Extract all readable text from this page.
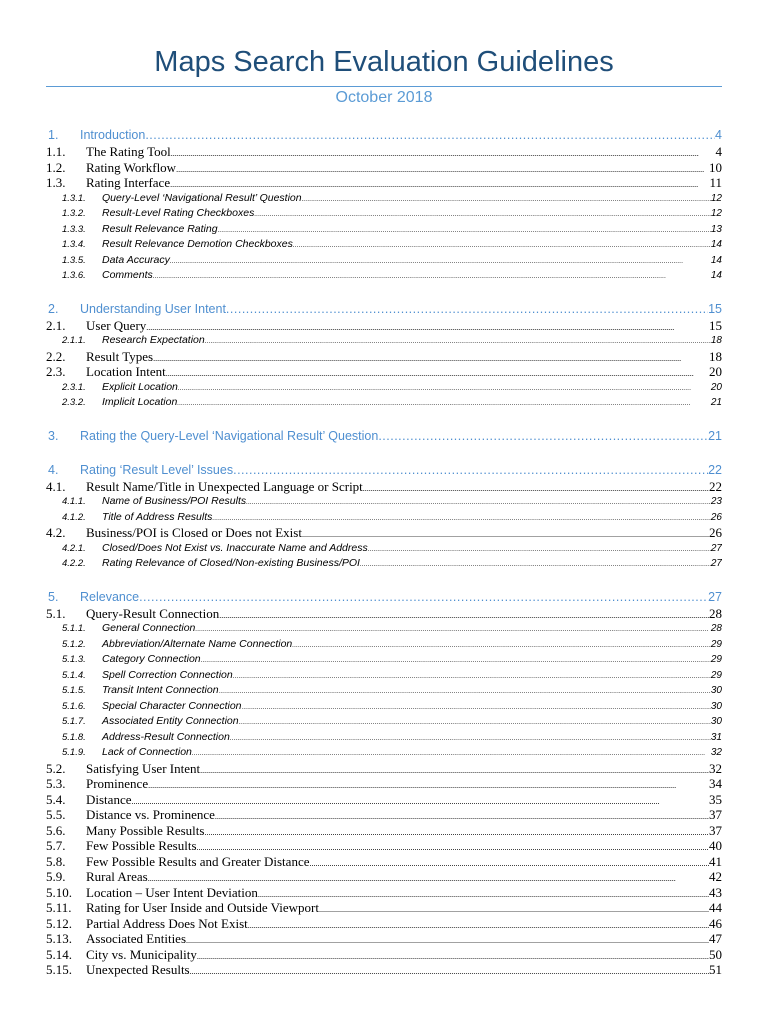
Maps Search Evaluation Guidelines
October 2018
1.	Introduction .....	4
1.1.	The Rating Tool .....	4
1.2.	Rating Workflow .....	10
1.3.	Rating Interface .....	11
1.3.1.	Query-Level ‘Navigational Result’ Question .....	12
1.3.2.	Result-Level Rating Checkboxes .....	12
1.3.3.	Result Relevance Rating .....	13
1.3.4.	Result Relevance Demotion Checkboxes .....	14
1.3.5.	Data Accuracy .....	14
1.3.6.	Comments .....	14
2.	Understanding User Intent .....	15
2.1.	User Query .....	15
2.1.1.	Research Expectation .....	18
2.2.	Result Types .....	18
2.3.	Location Intent .....	20
2.3.1.	Explicit Location .....	20
2.3.2.	Implicit Location .....	21
3.	Rating the Query-Level ‘Navigational Result’ Question .....	21
4.	Rating ‘Result Level’ Issues .....	22
4.1.	Result Name/Title in Unexpected Language or Script .....	22
4.1.1.	Name of Business/POI Results .....	23
4.1.2.	Title of Address Results .....	26
4.2.	Business/POI is Closed or Does not Exist .....	26
4.2.1.	Closed/Does Not Exist vs. Inaccurate Name and Address .....	27
4.2.2.	Rating Relevance of Closed/Non-existing Business/POI .....	27
5.	Relevance .....	27
5.1.	Query-Result Connection .....	28
5.1.1.	General Connection .....	28
5.1.2.	Abbreviation/Alternate Name Connection .....	29
5.1.3.	Category Connection .....	29
5.1.4.	Spell Correction Connection .....	29
5.1.5.	Transit Intent Connection .....	30
5.1.6.	Special Character Connection .....	30
5.1.7.	Associated Entity Connection .....	30
5.1.8.	Address-Result Connection .....	31
5.1.9.	Lack of Connection .....	32
5.2.	Satisfying User Intent .....	32
5.3.	Prominence .....	34
5.4.	Distance .....	35
5.5.	Distance vs. Prominence .....	37
5.6.	Many Possible Results .....	37
5.7.	Few Possible Results .....	40
5.8.	Few Possible Results and Greater Distance .....	41
5.9.	Rural Areas .....	42
5.10.	Location – User Intent Deviation .....	43
5.11.	Rating for User Inside and Outside Viewport .....	44
5.12.	Partial Address Does Not Exist .....	46
5.13.	Associated Entities .....	47
5.14.	City vs. Municipality .....	50
5.15.	Unexpected Results .....	51
